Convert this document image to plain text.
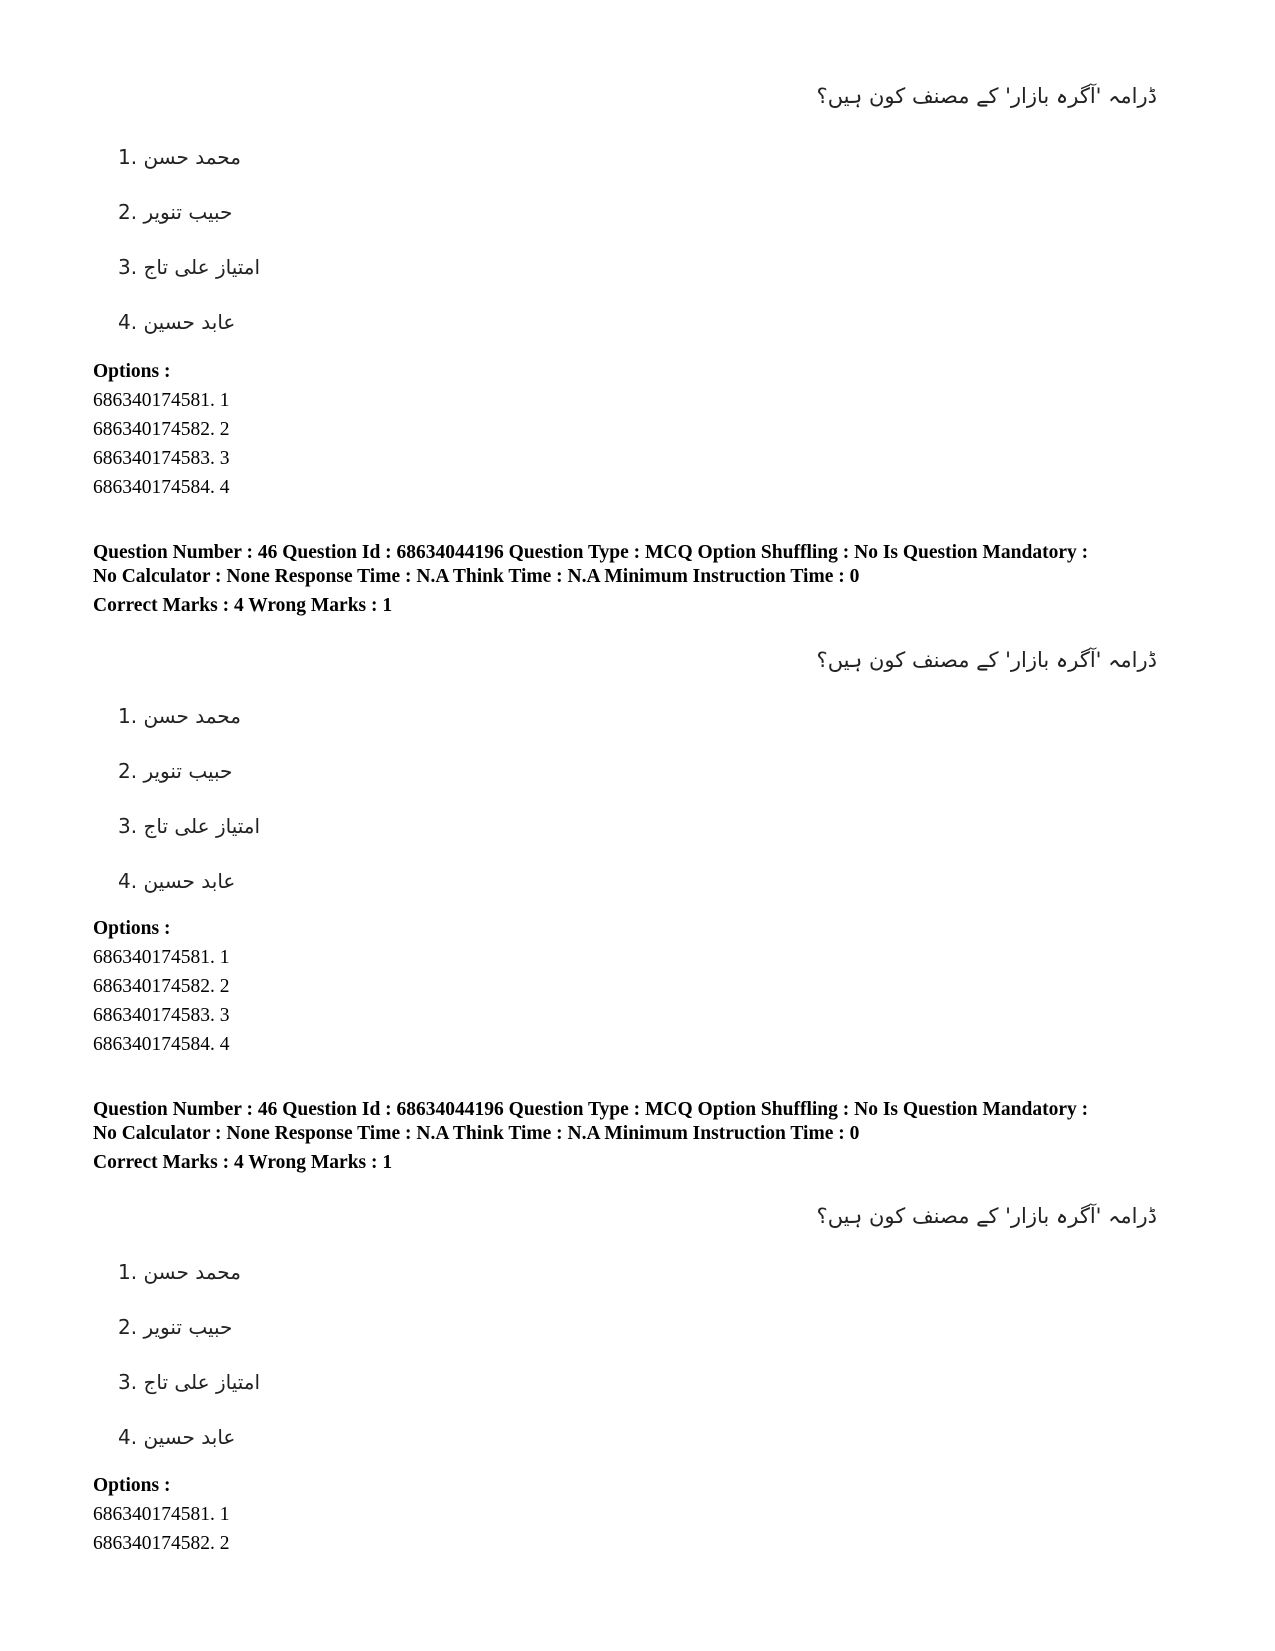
ڈرامہ 'آگرہ بازار' کے مصنف کون ہیں؟
1.
محمد حسن
2.
حبیب تنویر
3.
امتیاز علی تاج
4.
عابد حسین
Options :
686340174581. 1
686340174582. 2
686340174583. 3
686340174584. 4
Question Number : 46 Question Id : 68634044196 Question Type : MCQ Option Shuffling : No Is Question Mandatory :
No Calculator : None Response Time : N.A Think Time : N.A Minimum Instruction Time : 0
Correct Marks : 4 Wrong Marks : 1
ڈرامہ 'آگرہ بازار' کے مصنف کون ہیں؟
1.
محمد حسن
2.
حبیب تنویر
3.
امتیاز علی تاج
4.
عابد حسین
Options :
686340174581. 1
686340174582. 2
686340174583. 3
686340174584. 4
Question Number : 46 Question Id : 68634044196 Question Type : MCQ Option Shuffling : No Is Question Mandatory :
No Calculator : None Response Time : N.A Think Time : N.A Minimum Instruction Time : 0
Correct Marks : 4 Wrong Marks : 1
ڈرامہ 'آگرہ بازار' کے مصنف کون ہیں؟
1.
محمد حسن
2.
حبیب تنویر
3.
امتیاز علی تاج
4.
عابد حسین
Options :
686340174581. 1
686340174582. 2
